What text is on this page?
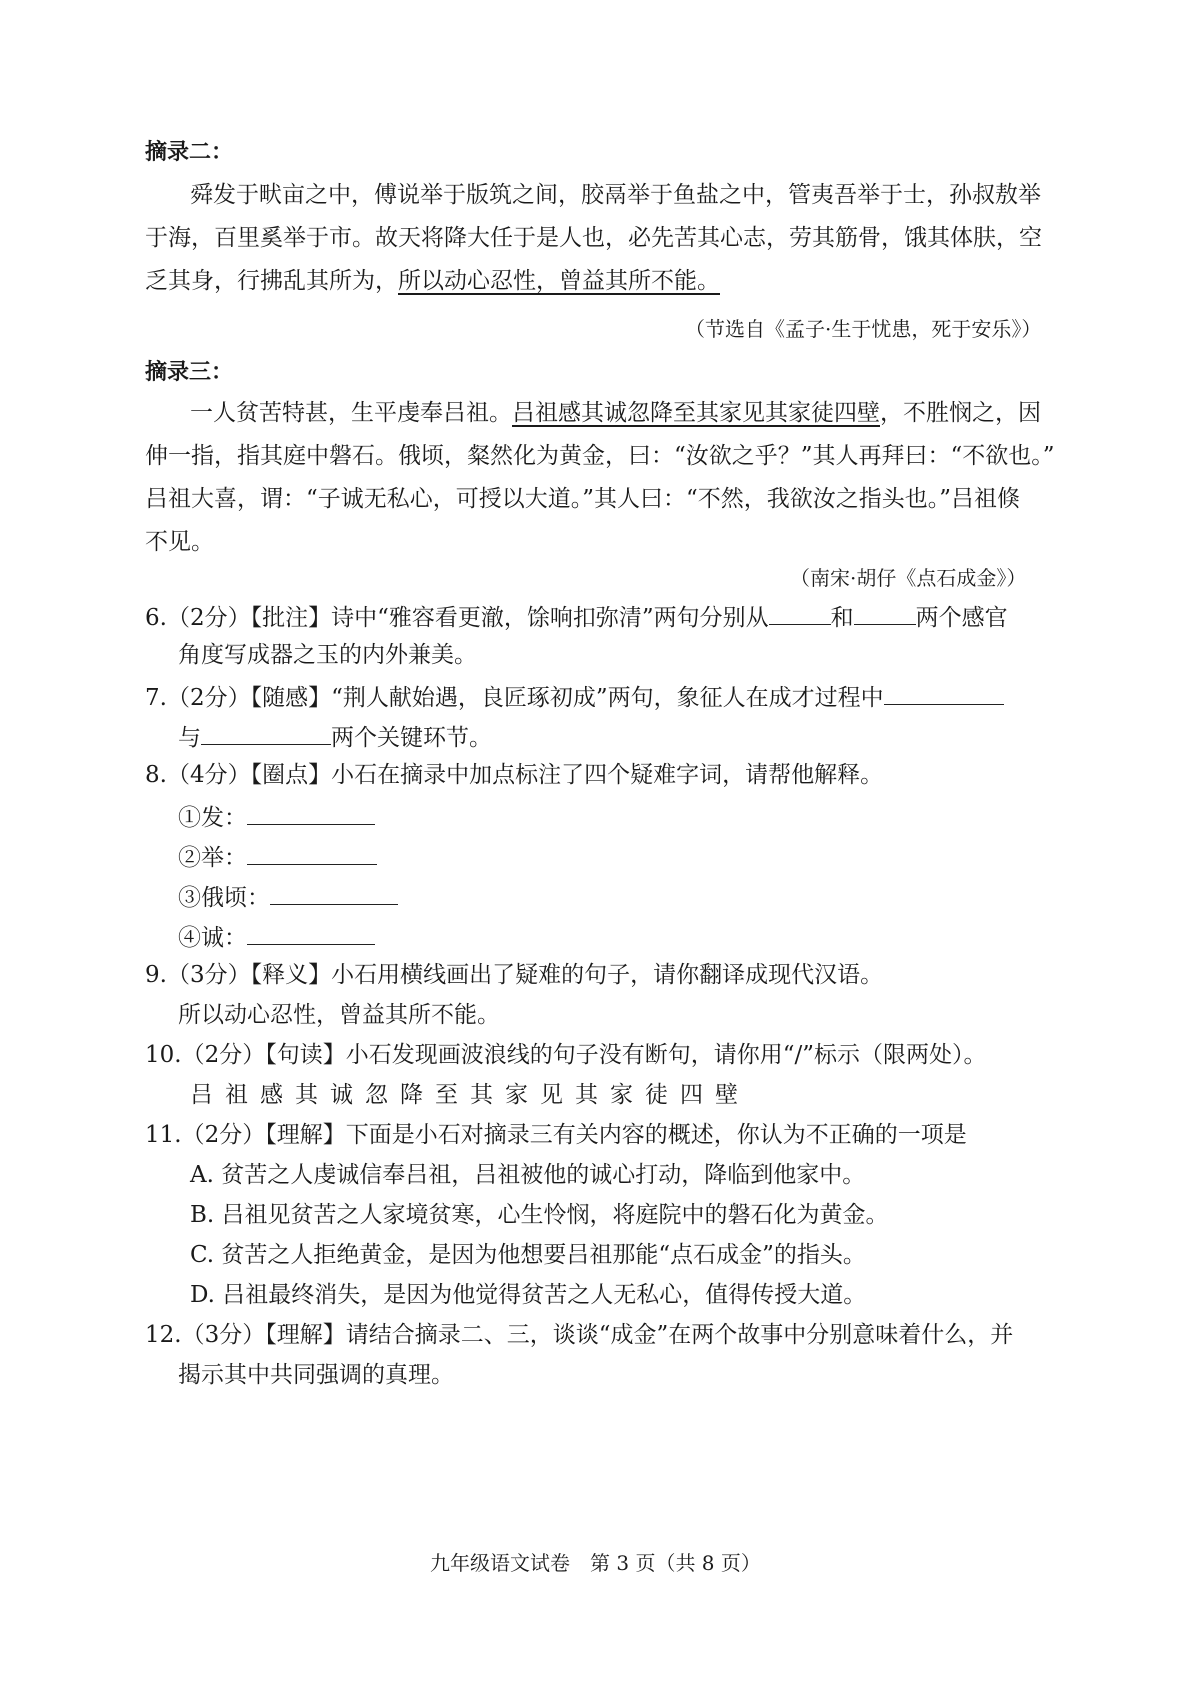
摘录二：
舜发于畎亩之中，傅说举于版筑之间，胶鬲举于鱼盐之中，管夷吾举于士，孙叔敖举
于海，百里奚举于市。故天将降大任于是人也，必先苦其心志，劳其筋骨，饿其体肤，空
乏其身，行拂乱其所为，所以动心忍性，曾益其所不能。
（节选自《孟子·生于忧患，死于安乐》）
摘录三：
一人贫苦特甚，生平虔奉吕祖。吕祖感其诚忽降至其家见其家徒四壁，不胜悯之，因
伸一指，指其庭中磐石。俄顷，粲然化为黄金，曰：“汝欲之乎？”其人再拜曰：“不欲也。”
吕祖大喜，谓：“子诚无私心，可授以大道。”其人曰：“不然，我欲汝之指头也。”吕祖倏
不见。
（南宋·胡仔《点石成金》）
6.（2分）【批注】诗中“雅容看更澈，馀响扣弥清”两句分别从	和	两个感官
角度写成器之玉的内外兼美。
7.（2分）【随感】“荆人献始遇，良匠琢初成”两句，象征人在成才过程中
与	两个关键环节。
8.（4分）【圈点】小石在摘录中加点标注了四个疑难字词，请帮他解释。
①发：
②举：
③俄顷：
④诚：
9.（3分）【释义】小石用横线画出了疑难的句子，请你翻译成现代汉语。
所以动心忍性，曾益其所不能。
10.（2分）【句读】小石发现画波浪线的句子没有断句，请你用“/”标示（限两处）。
吕祖感其诚忽降至其家见其家徒四壁
11.（2分）【理解】下面是小石对摘录三有关内容的概述，你认为不正确的一项是
A. 贫苦之人虔诚信奉吕祖，吕祖被他的诚心打动，降临到他家中。
B. 吕祖见贫苦之人家境贫寒，心生怜悯，将庭院中的磐石化为黄金。
C. 贫苦之人拒绝黄金，是因为他想要吕祖那能“点石成金”的指头。
D. 吕祖最终消失，是因为他觉得贫苦之人无私心，值得传授大道。
12.（3分）【理解】请结合摘录二、三，谈谈“成金”在两个故事中分别意味着什么，并
揭示其中共同强调的真理。
九年级语文试卷　第 3 页（共 8 页）
